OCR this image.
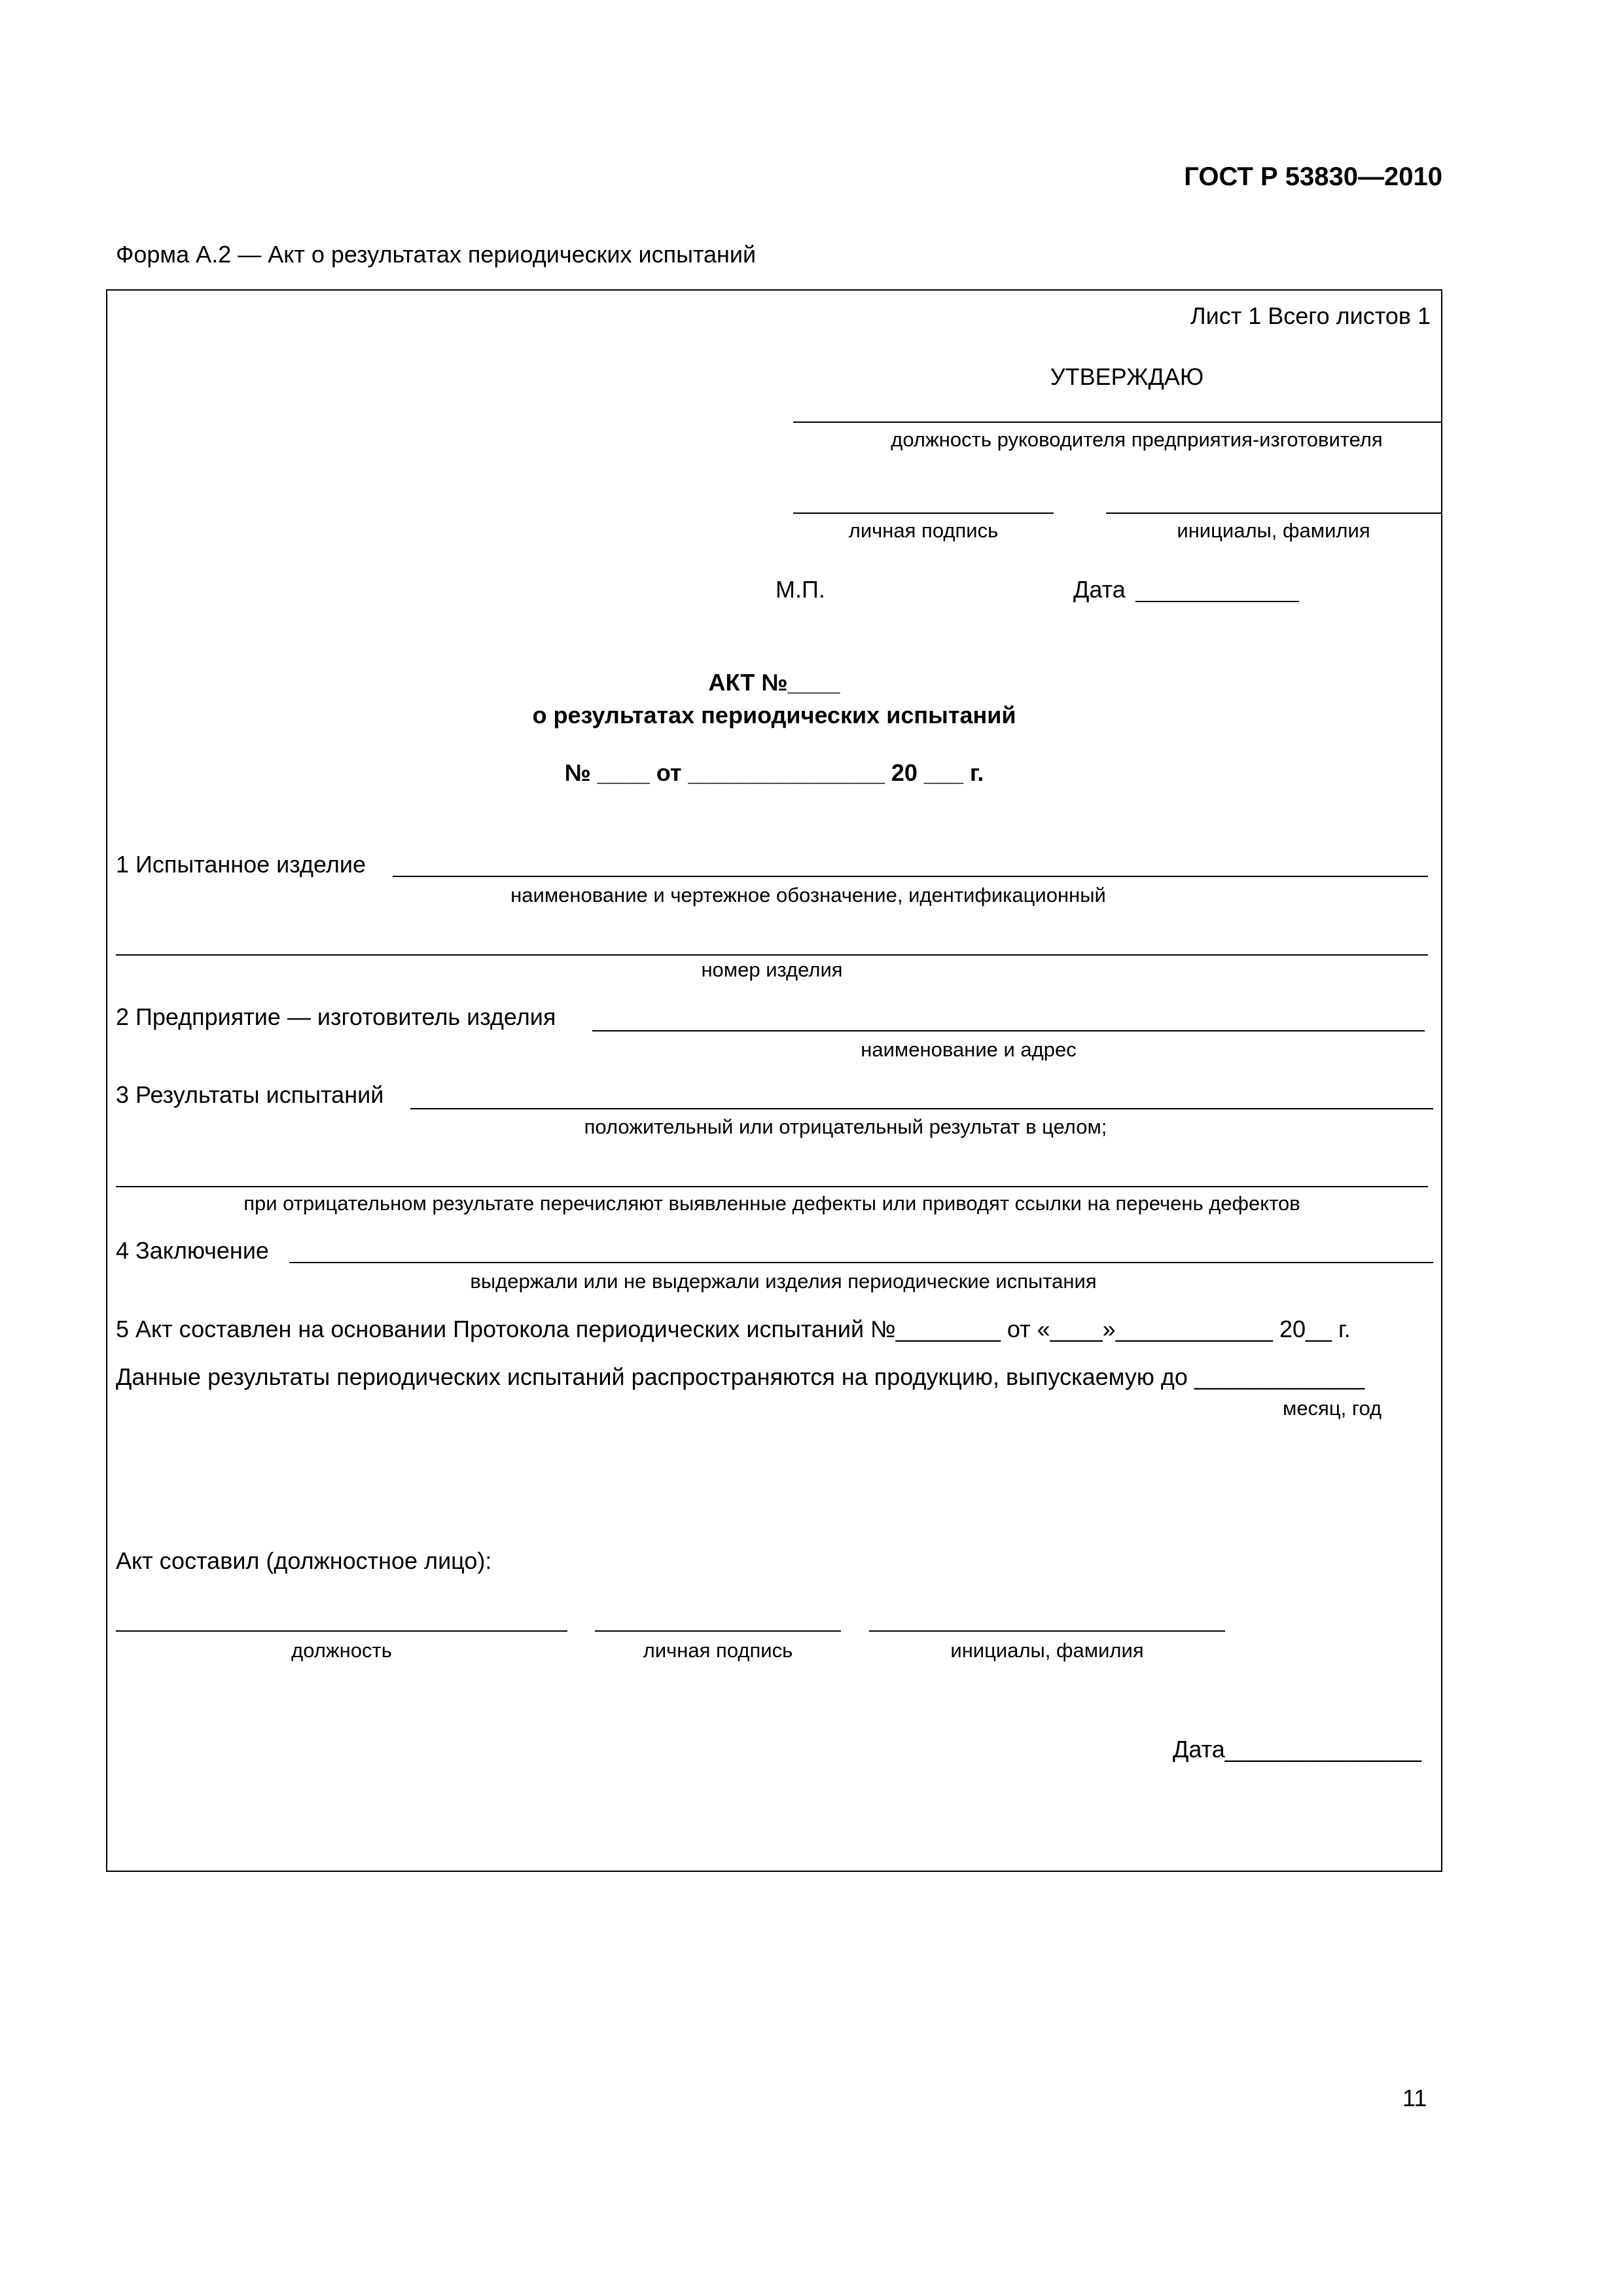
ГОСТ Р 53830—2010
Форма А.2 — Акт о результатах периодических испытаний
Лист 1 Всего листов 1
УТВЕРЖДАЮ
должность руководителя предприятия-изготовителя
личная подпись	инициалы, фамилия
М.П.	Дата
АКТ №____
о результатах периодических испытаний
№ ____ от _______________ 20 ___ г.
1 Испытанное изделие
наименование и чертежное обозначение, идентификационный
номер изделия
2 Предприятие — изготовитель изделия
наименование и адрес
3 Результаты испытаний
положительный или отрицательный результат в целом;
при отрицательном результате перечисляют выявленные дефекты или приводят ссылки на перечень дефектов
4 Заключение
выдержали или не выдержали изделия периодические испытания
5 Акт составлен на основании Протокола периодических испытаний №________ от «____»____________ 20__ г.
Данные результаты периодических испытаний распространяются на продукцию, выпускаемую до _____________
месяц, год
Акт составил (должностное лицо):
должность	личная подпись	инициалы, фамилия
Дата_______________
11
